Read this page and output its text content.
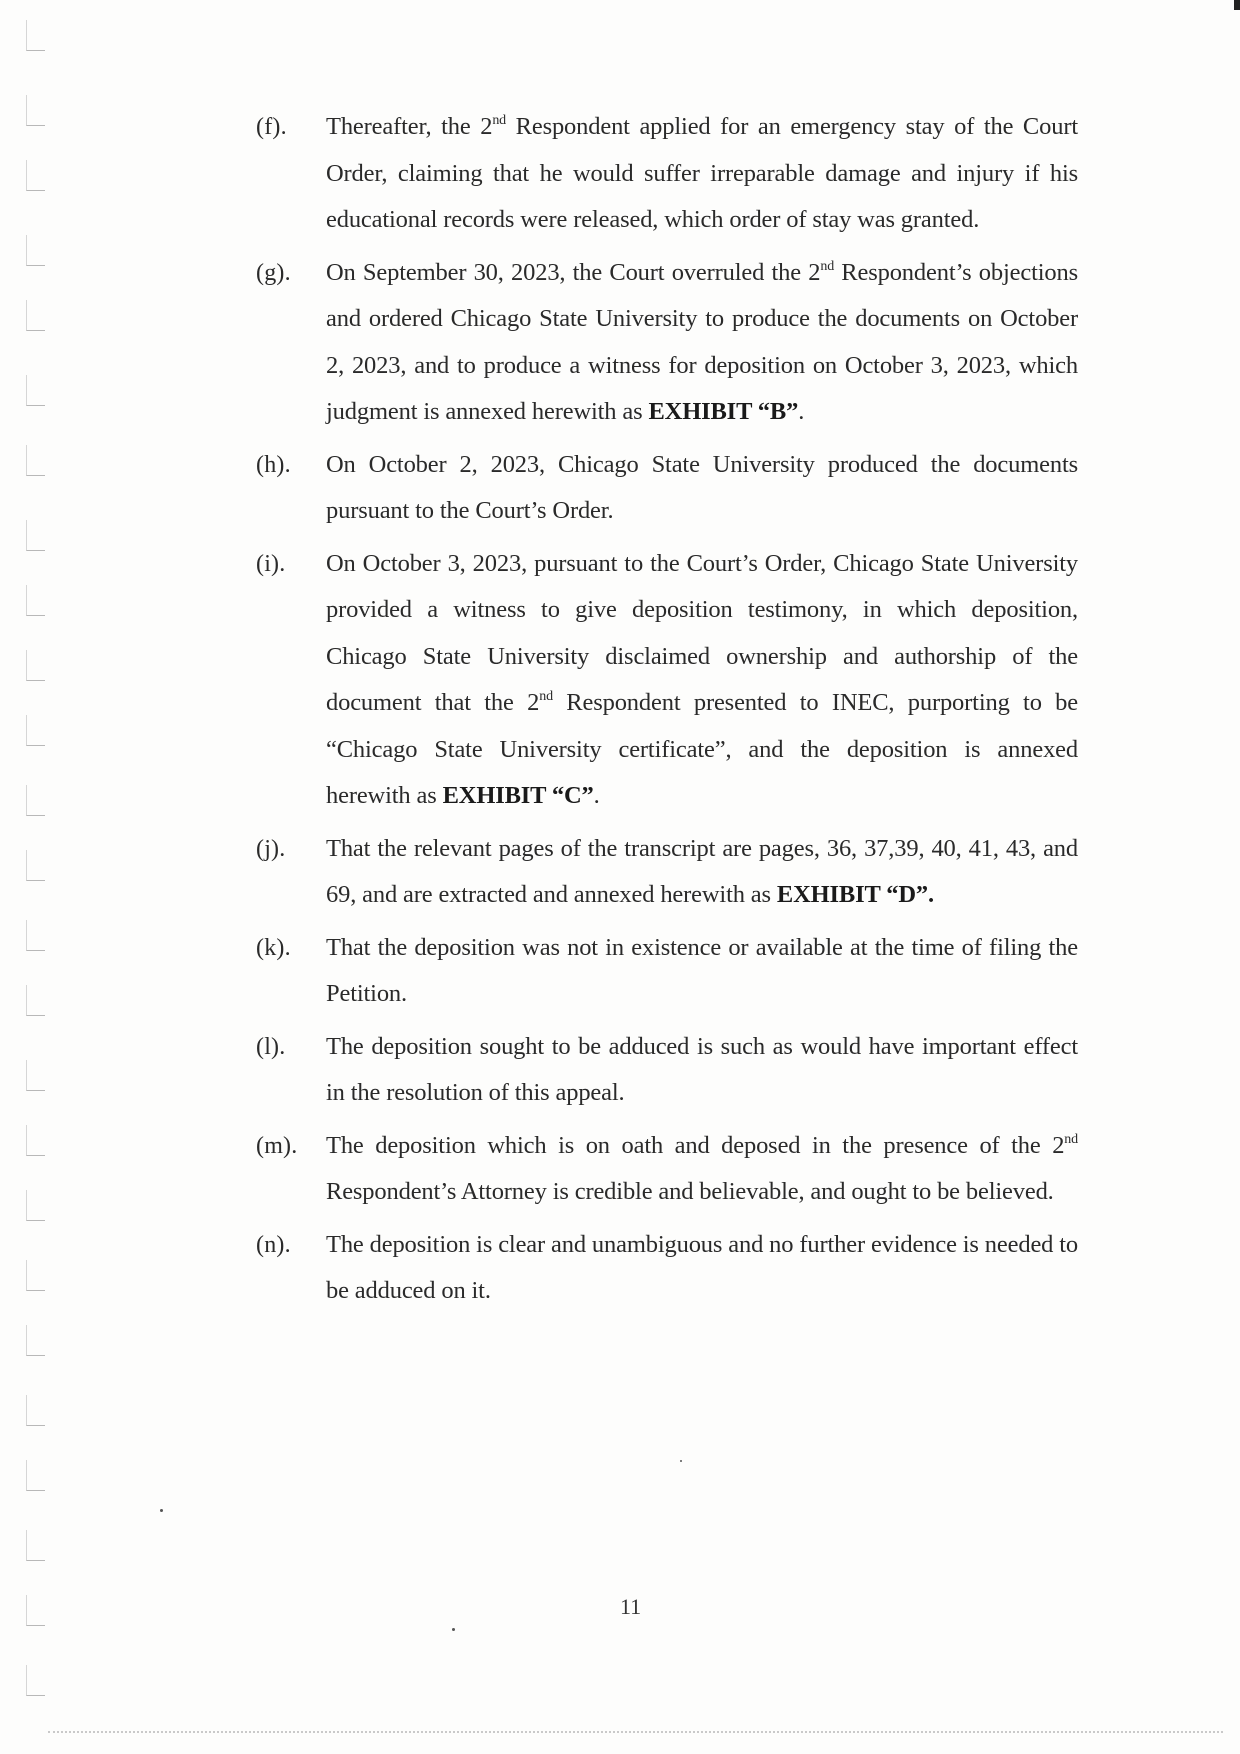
(f). Thereafter, the 2nd Respondent applied for an emergency stay of the Court Order, claiming that he would suffer irreparable damage and injury if his educational records were released, which order of stay was granted.
(g). On September 30, 2023, the Court overruled the 2nd Respondent’s objections and ordered Chicago State University to produce the documents on October 2, 2023, and to produce a witness for deposition on October 3, 2023, which judgment is annexed herewith as EXHIBIT “B”.
(h). On October 2, 2023, Chicago State University produced the documents pursuant to the Court’s Order.
(i). On October 3, 2023, pursuant to the Court’s Order, Chicago State University provided a witness to give deposition testimony, in which deposition, Chicago State University disclaimed ownership and authorship of the document that the 2nd Respondent presented to INEC, purporting to be “Chicago State University certificate”, and the deposition is annexed herewith as EXHIBIT “C”.
(j). That the relevant pages of the transcript are pages, 36, 37,39, 40, 41, 43, and 69, and are extracted and annexed herewith as EXHIBIT “D”.
(k). That the deposition was not in existence or available at the time of filing the Petition.
(l). The deposition sought to be adduced is such as would have important effect in the resolution of this appeal.
(m). The deposition which is on oath and deposed in the presence of the 2nd Respondent’s Attorney is credible and believable, and ought to be believed.
(n). The deposition is clear and unambiguous and no further evidence is needed to be adduced on it.
11
